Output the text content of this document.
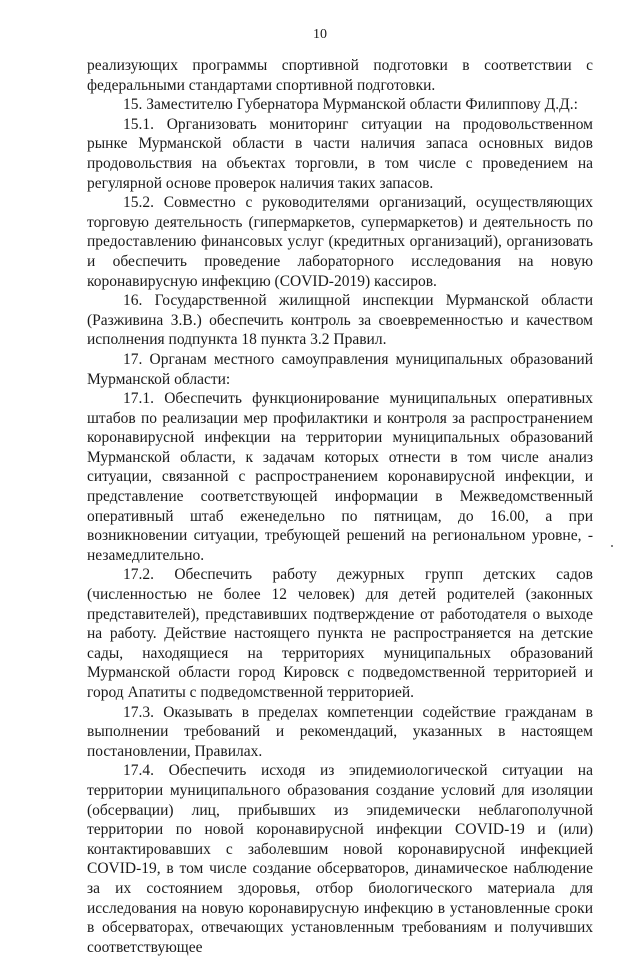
10

реализующих программы спортивной подготовки в соответствии с федеральными стандартами спортивной подготовки.

15. Заместителю Губернатора Мурманской области Филиппову Д.Д.:

15.1. Организовать мониторинг ситуации на продовольственном рынке Мурманской области в части наличия запаса основных видов продовольствия на объектах торговли, в том числе с проведением на регулярной основе проверок наличия таких запасов.

15.2. Совместно с руководителями организаций, осуществляющих торговую деятельность (гипермаркетов, супермаркетов) и деятельность по предоставлению финансовых услуг (кредитных организаций), организовать и обеспечить проведение лабораторного исследования на новую коронавирусную инфекцию (COVID-2019) кассиров.

16. Государственной жилищной инспекции Мурманской области (Разживина З.В.) обеспечить контроль за своевременностью и качеством исполнения подпункта 18 пункта 3.2 Правил.

17. Органам местного самоуправления муниципальных образований Мурманской области:

17.1. Обеспечить функционирование муниципальных оперативных штабов по реализации мер профилактики и контроля за распространением коронавирусной инфекции на территории муниципальных образований Мурманской области, к задачам которых отнести в том числе анализ ситуации, связанной с распространением коронавирусной инфекции, и представление соответствующей информации в Межведомственный оперативный штаб еженедельно по пятницам, до 16.00, а при возникновении ситуации, требующей решений на региональном уровне, - незамедлительно.

17.2. Обеспечить работу дежурных групп детских садов (численностью не более 12 человек) для детей родителей (законных представителей), представивших подтверждение от работодателя о выходе на работу. Действие настоящего пункта не распространяется на детские сады, находящиеся на территориях муниципальных образований Мурманской области город Кировск с подведомственной территорией и город Апатиты с подведомственной территорией.

17.3. Оказывать в пределах компетенции содействие гражданам в выполнении требований и рекомендаций, указанных в настоящем постановлении, Правилах.

17.4. Обеспечить исходя из эпидемиологической ситуации на территории муниципального образования создание условий для изоляции (обсервации) лиц, прибывших из эпидемически неблагополучной территории по новой коронавирусной инфекции COVID-19 и (или) контактировавших с заболевшим новой коронавирусной инфекцией COVID-19, в том числе создание обсерваторов, динамическое наблюдение за их состоянием здоровья, отбор биологического материала для исследования на новую коронавирусную инфекцию в установленные сроки в обсерваторах, отвечающих установленным требованиям и получивших соответствующее
